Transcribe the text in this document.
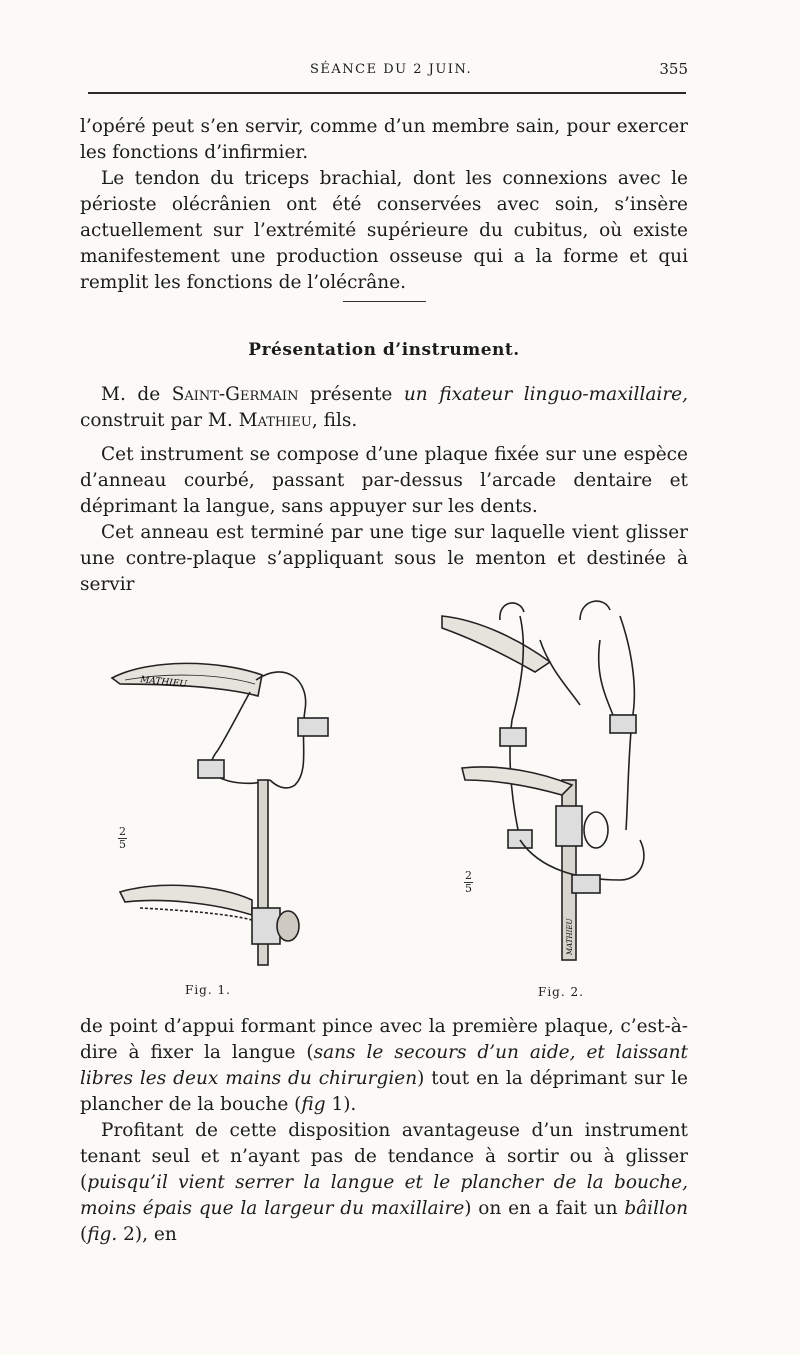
SÉANCE DU 2 JUIN.	355

l’opéré peut s’en servir, comme d’un membre sain, pour exercer les fonctions d’infirmier.

Le tendon du triceps brachial, dont les connexions avec le périoste olécrânien ont été conservées avec soin, s’insère actuellement sur l’extrémité supérieure du cubitus, où existe manifestement une production osseuse qui a la forme et qui remplit les fonctions de l’olécrâne.

Présentation d’instrument.

M. de Saint-Germain présente un fixateur linguo-maxillaire, construit par M. Mathieu, fils.

Cet instrument se compose d’une plaque fixée sur une espèce d’anneau courbé, passant par-dessus l’arcade dentaire et déprimant la langue, sans appuyer sur les dents.

Cet anneau est terminé par une tige sur laquelle vient glisser une contre-plaque s’appliquant sous le menton et destinée à servir

MATHIEU
MATHIEU
2
5
2
5
Fig. 1.	Fig. 2.

de point d’appui formant pince avec la première plaque, c’est-à-dire à fixer la langue (sans le secours d’un aide, et laissant libres les deux mains du chirurgien) tout en la déprimant sur le plancher de la bouche (fig 1).

Profitant de cette disposition avantageuse d’un instrument tenant seul et n’ayant pas de tendance à sortir ou à glisser (puisqu’il vient serrer la langue et le plancher de la bouche, moins épais que la largeur du maxillaire) on en a fait un bâillon (fig. 2), en
